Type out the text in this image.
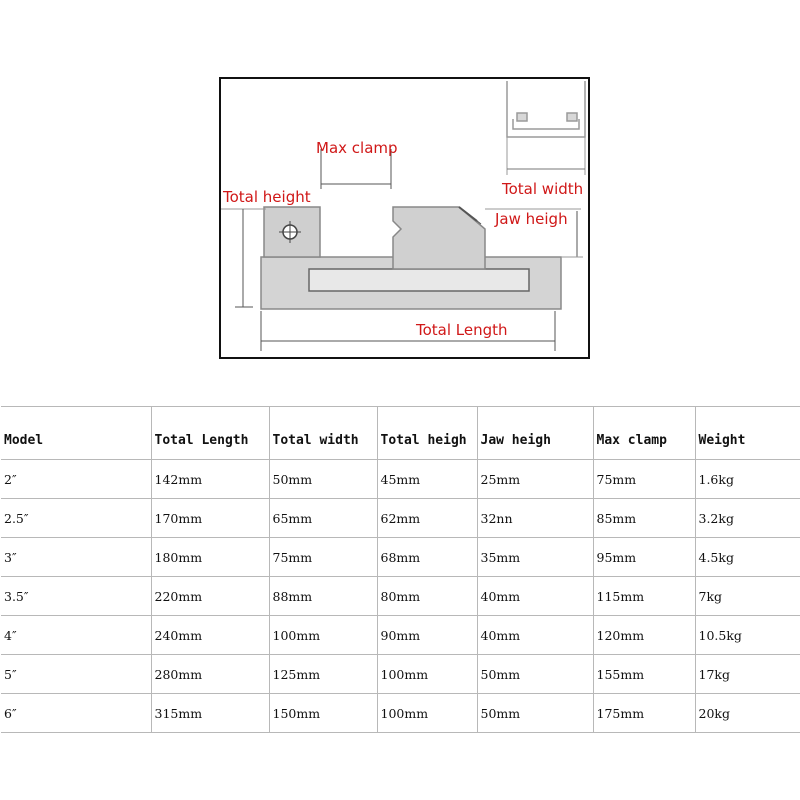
Max clamp
Total height	Total width
Jaw heigh
Total Length
Model	Total Length	Total width	Total heigh	Jaw heigh	Max clamp	Weight
2″	142mm	50mm	45mm	25mm	75mm	1.6kg
2.5″	170mm	65mm	62mm	32nn	85mm	3.2kg
3″	180mm	75mm	68mm	35mm	95mm	4.5kg
3.5″	220mm	88mm	80mm	40mm	115mm	7kg
4″	240mm	100mm	90mm	40mm	120mm	10.5kg
5″	280mm	125mm	100mm	50mm	155mm	17kg
6″	315mm	150mm	100mm	50mm	175mm	20kg
